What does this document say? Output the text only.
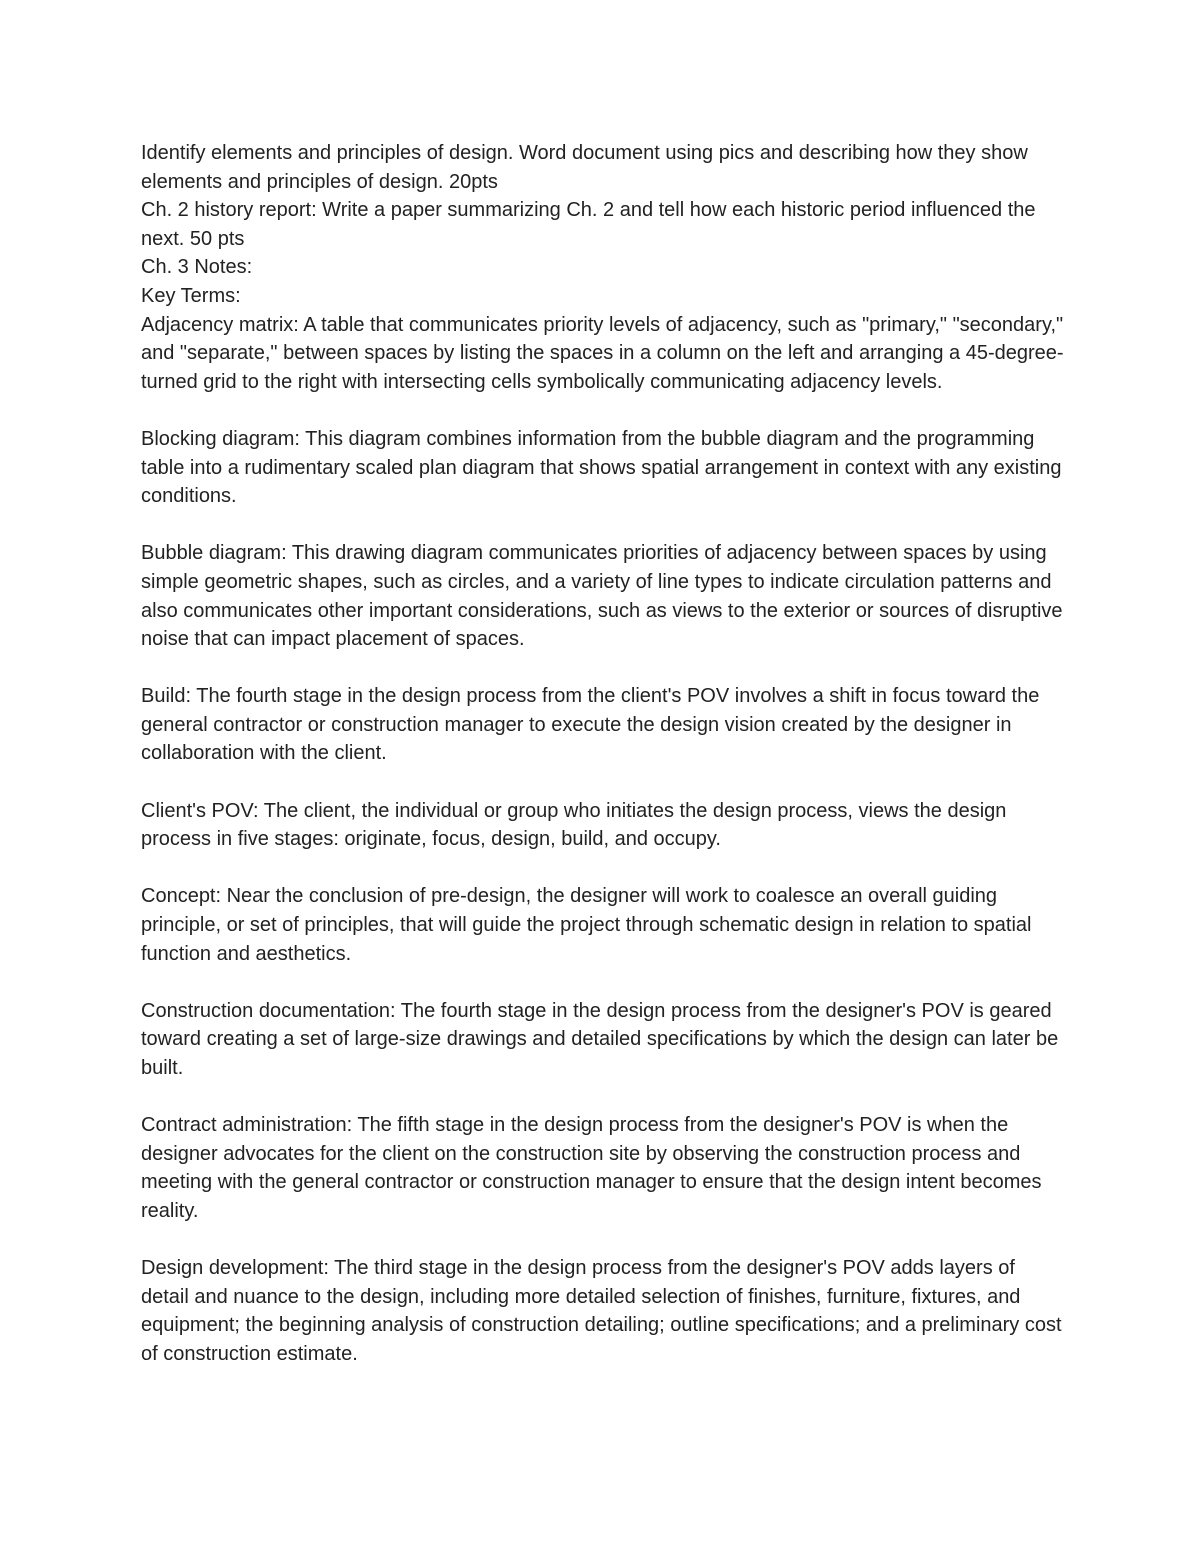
Identify elements and principles of design. Word document using pics and describing how they show elements and principles of design. 20pts

Ch. 2 history report: Write a paper summarizing Ch. 2 and tell how each historic period influenced the next. 50 pts

Ch. 3 Notes:

Key Terms:

Adjacency matrix: A table that communicates priority levels of adjacency, such as "primary," "secondary," and "separate," between spaces by listing the spaces in a column on the left and arranging a 45-degree-turned grid to the right with intersecting cells symbolically communicating adjacency levels.

Blocking diagram: This diagram combines information from the bubble diagram and the programming table into a rudimentary scaled plan diagram that shows spatial arrangement in context with any existing conditions.

Bubble diagram: This drawing diagram communicates priorities of adjacency between spaces by using simple geometric shapes, such as circles, and a variety of line types to indicate circulation patterns and also communicates other important considerations, such as views to the exterior or sources of disruptive noise that can impact placement of spaces.

Build: The fourth stage in the design process from the client's POV involves a shift in focus toward the general contractor or construction manager to execute the design vision created by the designer in collaboration with the client.

Client's POV: The client, the individual or group who initiates the design process, views the design process in five stages: originate, focus, design, build, and occupy.

Concept: Near the conclusion of pre-design, the designer will work to coalesce an overall guiding principle, or set of principles, that will guide the project through schematic design in relation to spatial function and aesthetics.

Construction documentation: The fourth stage in the design process from the designer's POV is geared toward creating a set of large-size drawings and detailed specifications by which the design can later be built.

Contract administration: The fifth stage in the design process from the designer's POV is when the designer advocates for the client on the construction site by observing the construction process and meeting with the general contractor or construction manager to ensure that the design intent becomes reality.

Design development: The third stage in the design process from the designer's POV adds layers of detail and nuance to the design, including more detailed selection of finishes, furniture, fixtures, and equipment; the beginning analysis of construction detailing; outline specifications; and a preliminary cost of construction estimate.
